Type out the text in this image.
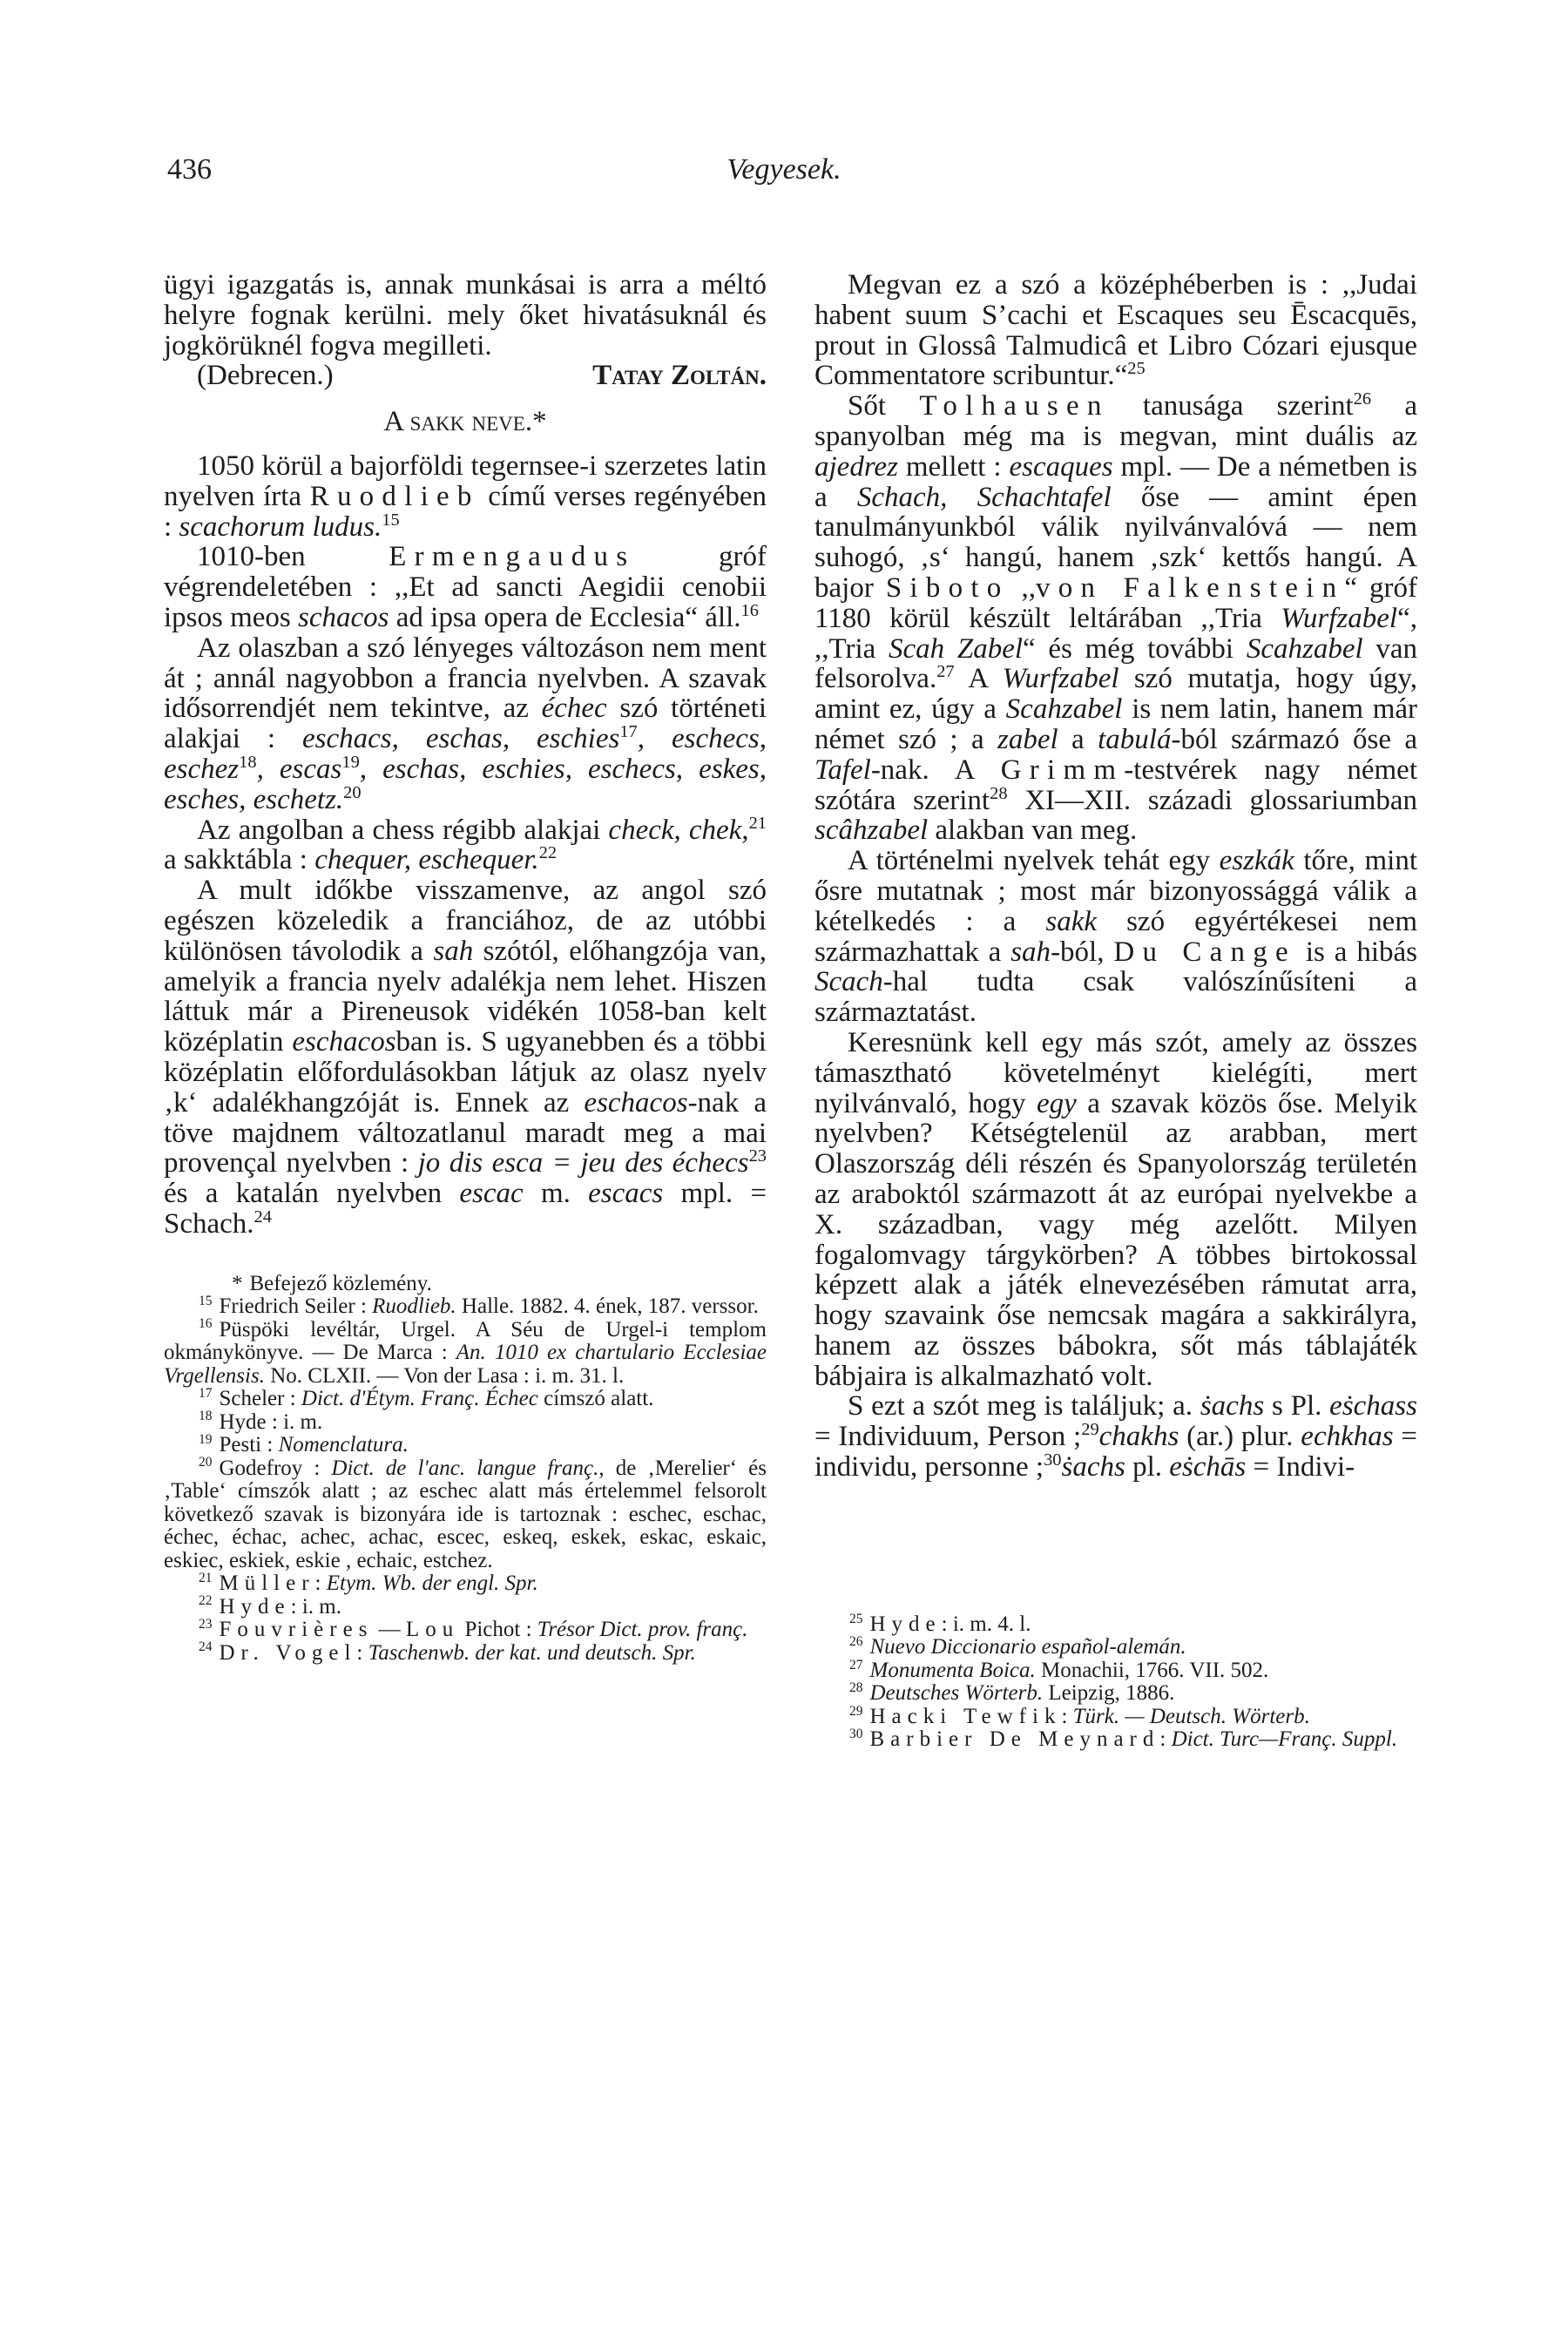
436	Vegyesek.

ügyi igazgatás is, annak munkásai is arra a méltó helyre fognak kerülni. mely őket hivatásuknál és jogkörüknél fogva megilleti.

(Debrecen.)	Tatay Zoltán.
A sakk neve.*

1050 körül a bajorföldi tegernsee-i szerzetes latin nyelven írta Ruodlieb című verses regényében : scachorum ludus.$^{15}$

1010-ben Ermengaudus gróf végrendeletében : ,,Et ad sancti Aegidii cenobii ipsos meos schacos ad ipsa opera de Ecclesia“ áll.$^{16}$

Az olaszban a szó lényeges változáson nem ment át ; annál nagyobbon a francia nyelvben. A szavak idősorrendjét nem tekintve, az échec szó történeti alakjai : eschacs, eschas, eschies$^{17}$, eschecs, eschez$^{18}$, escas$^{19}$, eschas, eschies, eschecs, eskes, esches, eschetz.$^{20}$

Az angolban a chess régibb alakjai check, chek,$^{21}$ a sakktábla : chequer, eschequer.$^{22}$

A mult időkbe visszamenve, az angol szó egészen közeledik a franciához, de az utóbbi különösen távolodik a sah szótól, előhangzója van, amelyik a francia nyelv adalékja nem lehet. Hiszen láttuk már a Pireneusok vidékén 1058-ban kelt középlatin eschacosban is. S ugyanebben és a többi középlatin előfordulásokban látjuk az olasz nyelv ‚k‘ adalékhangzóját is. Ennek az eschacos-nak a töve majdnem változatlanul maradt meg a mai provençal nyelvben : jo dis esca = jeu des échecs$^{23}$ és a katalán nyelvben escac m. escacs mpl. = Schach.$^{24}$

* Befejező közlemény.

$^{15}$ Friedrich Seiler : Ruodlieb. Halle. 1882. 4. ének, 187. verssor.

$^{16}$ Püspöki levéltár, Urgel. A Séu de Urgel-i templom okmánykönyve. — De Marca : An. 1010 ex chartulario Ecclesiae Vrgellensis. No. CLXII. — Von der Lasa : i. m. 31. l.

$^{17}$ Scheler : Dict. d'Étym. Franç. Échec címszó alatt.

$^{18}$ Hyde : i. m.

$^{19}$ Pesti : Nomenclatura.

$^{20}$ Godefroy : Dict. de l'anc. langue franç., de ‚Merelier‘ és ‚Table‘ címszók alatt ; az eschec alatt más értelemmel felsorolt következő szavak is bizonyára ide is tartoznak : eschec, eschac, échec, échac, achec, achac, escec, eskeq, eskek, eskac, eskaic, eskiec, eskiek, eskie , echaic, estchez.

$^{21}$ Müller: Etym. Wb. der engl. Spr.

$^{22}$ Hyde: i. m.

$^{23}$ Fouvrières — Lou Pichot : Trésor Dict. prov. franç.

$^{24}$ Dr. Vogel: Taschenwb. der kat. und deutsch. Spr.

Megvan ez a szó a középhéberben is : ,,Judai habent suum S’cachi et Escaques seu Ēscacquēs, prout in Glossâ Talmudicâ et Libro Cózari ejusque Commentatore scribuntur.“$^{25}$

Sőt Tolhausen tanusága szerint$^{26}$ a spanyolban még ma is megvan, mint duális az ajedrez mellett : escaques mpl. — De a németben is a Schach, Schachtafel őse — amint épen tanulmányunkból válik nyilvánvalóvá — nem suhogó, ‚s‘ hangú, hanem ‚szk‘ kettős hangú. A bajor Siboto ,,von Falkenstein“ gróf 1180 körül készült leltárában ,,Tria Wurfzabel“, ,,Tria Scah Zabel“ és még további Scahzabel van felsorolva.$^{27}$ A Wurfzabel szó mutatja, hogy úgy, amint ez, úgy a Scahzabel is nem latin, hanem már német szó ; a zabel a tabulá-ból származó őse a Tafel-nak. A Grimm-testvérek nagy német szótára szerint$^{28}$ XI—XII. századi glossariumban scâhzabel alakban van meg.

A történelmi nyelvek tehát egy eszkák tőre, mint ősre mutatnak ; most már bizonyossággá válik a kételkedés : a sakk szó egyértékesei nem származhattak a sah-ból, Du Cange is a hibás Scach-hal tudta csak valószínűsíteni a származtatást.

Keresnünk kell egy más szót, amely az összes támasztható követelményt kielégíti, mert nyilvánvaló, hogy egy a szavak közös őse. Melyik nyelvben? Kétségtelenül az arabban, mert Olaszország déli részén és Spanyolország területén az araboktól származott át az európai nyelvekbe a X. században, vagy még azelőtt. Milyen fogalomvagy tárgykörben? A többes birtokossal képzett alak a játék elnevezésében rámutat arra, hogy szavaink őse nemcsak magára a sakkirályra, hanem az összes bábokra, sőt más táblajáték bábjaira is alkalmazható volt.

S ezt a szót meg is találjuk; a. ṡachs s Pl. eṡchass = Individuum, Person ;$^{29}$chakhs (ar.) plur. echkhas = individu, personne ;$^{30}$ṡachs pl. eṡchās = Indivi-

$^{25}$ Hyde: i. m. 4. l.

$^{26}$ Nuevo Diccionario español-alemán.

$^{27}$ Monumenta Boica. Monachii, 1766. VII. 502.

$^{28}$ Deutsches Wörterb. Leipzig, 1886.

$^{29}$ Hacki Tewfik: Türk. — Deutsch. Wörterb.

$^{30}$ Barbier De Meynard: Dict. Turc—Franç. Suppl.
